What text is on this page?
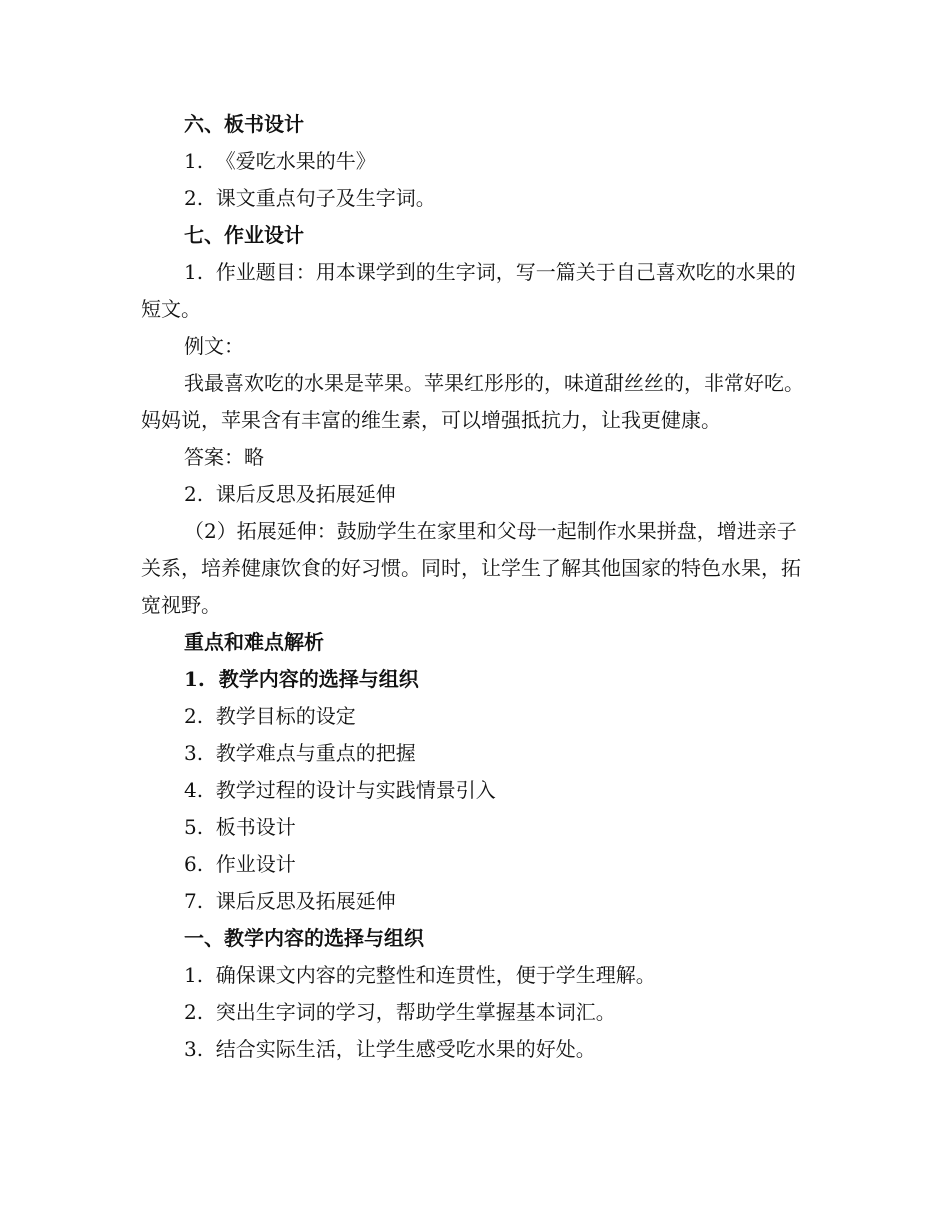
六、板书设计

1.  《爱吃水果的牛》

2.  课文重点句子及生字词。

七、作业设计

1.  作业题目：用本课学到的生字词，写一篇关于自己喜欢吃的水果的短文。

例文：

我最喜欢吃的水果是苹果。苹果红彤彤的，味道甜丝丝的，非常好吃。妈妈说，苹果含有丰富的维生素，可以增强抵抗力，让我更健康。

答案：略

2.  课后反思及拓展延伸

（2）拓展延伸：鼓励学生在家里和父母一起制作水果拼盘，增进亲子关系，培养健康饮食的好习惯。同时，让学生了解其他国家的特色水果，拓宽视野。

重点和难点解析

1.  教学内容的选择与组织

2.  教学目标的设定

3.  教学难点与重点的把握

4.  教学过程的设计与实践情景引入

5.  板书设计

6.  作业设计

7.  课后反思及拓展延伸

一、教学内容的选择与组织

1.  确保课文内容的完整性和连贯性，便于学生理解。

2.  突出生字词的学习，帮助学生掌握基本词汇。

3.  结合实际生活，让学生感受吃水果的好处。
